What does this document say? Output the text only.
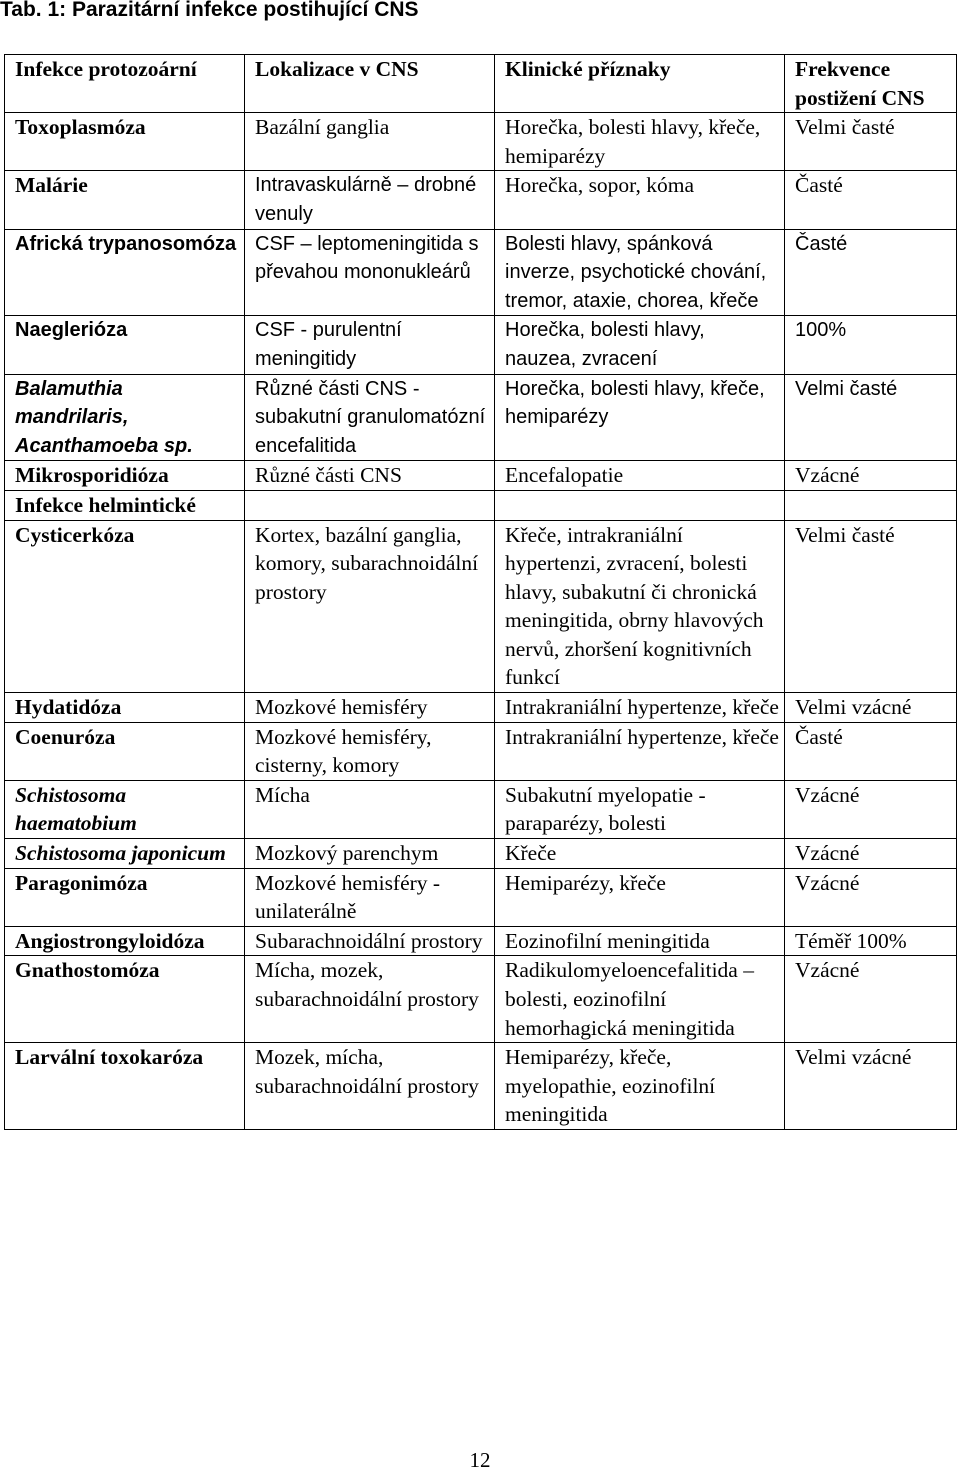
Tab. 1: Parazitární infekce postihující CNS
Infekce protozoární	Lokalizace v CNS	Klinické příznaky	Frekvence postižení CNS
Toxoplasmóza	Bazální ganglia	Horečka, bolesti hlavy, křeče, hemiparézy	Velmi časté
Malárie	Intravaskulárně – drobné venuly	Horečka, sopor, kóma	Časté
Africká trypanosomóza	CSF – leptomeningitida s převahou mononukleárů	Bolesti hlavy, spánková inverze, psychotické chování, tremor, ataxie, chorea, křeče	Časté
Naeglerióza	CSF - purulentní meningitidy	Horečka, bolesti hlavy, nauzea, zvracení	100%
Balamuthia mandrilaris, Acanthamoeba sp.	Různé části CNS - subakutní granulomatózní encefalitida	Horečka, bolesti hlavy, křeče, hemiparézy	Velmi časté
Mikrosporidióza	Různé části CNS	Encefalopatie	Vzácné
Infekce helmintické			
Cysticerkóza	Kortex, bazální ganglia, komory, subarachnoidální prostory	Křeče, intrakraniální hypertenzi, zvracení, bolesti hlavy, subakutní či chronická meningitida, obrny hlavových nervů, zhoršení kognitivních funkcí	Velmi časté
Hydatidóza	Mozkové hemisféry	Intrakraniální hypertenze, křeče	Velmi vzácné
Coenuróza	Mozkové hemisféry, cisterny, komory	Intrakraniální hypertenze, křeče	Časté
Schistosoma haematobium	Mícha	Subakutní myelopatie - paraparézy, bolesti	Vzácné
Schistosoma japonicum	Mozkový parenchym	Křeče	Vzácné
Paragonimóza	Mozkové hemisféry - unilaterálně	Hemiparézy, křeče	Vzácné
Angiostrongyloidóza	Subarachnoidální prostory	Eozinofilní meningitida	Téměř 100%
Gnathostomóza	Mícha, mozek, subarachnoidální prostory	Radikulomyeloencefalitida – bolesti, eozinofilní hemorhagická meningitida	Vzácné
Larvální toxokaróza	Mozek, mícha, subarachnoidální prostory	Hemiparézy, křeče, myelopathie, eozinofilní meningitida	Velmi vzácné
12
